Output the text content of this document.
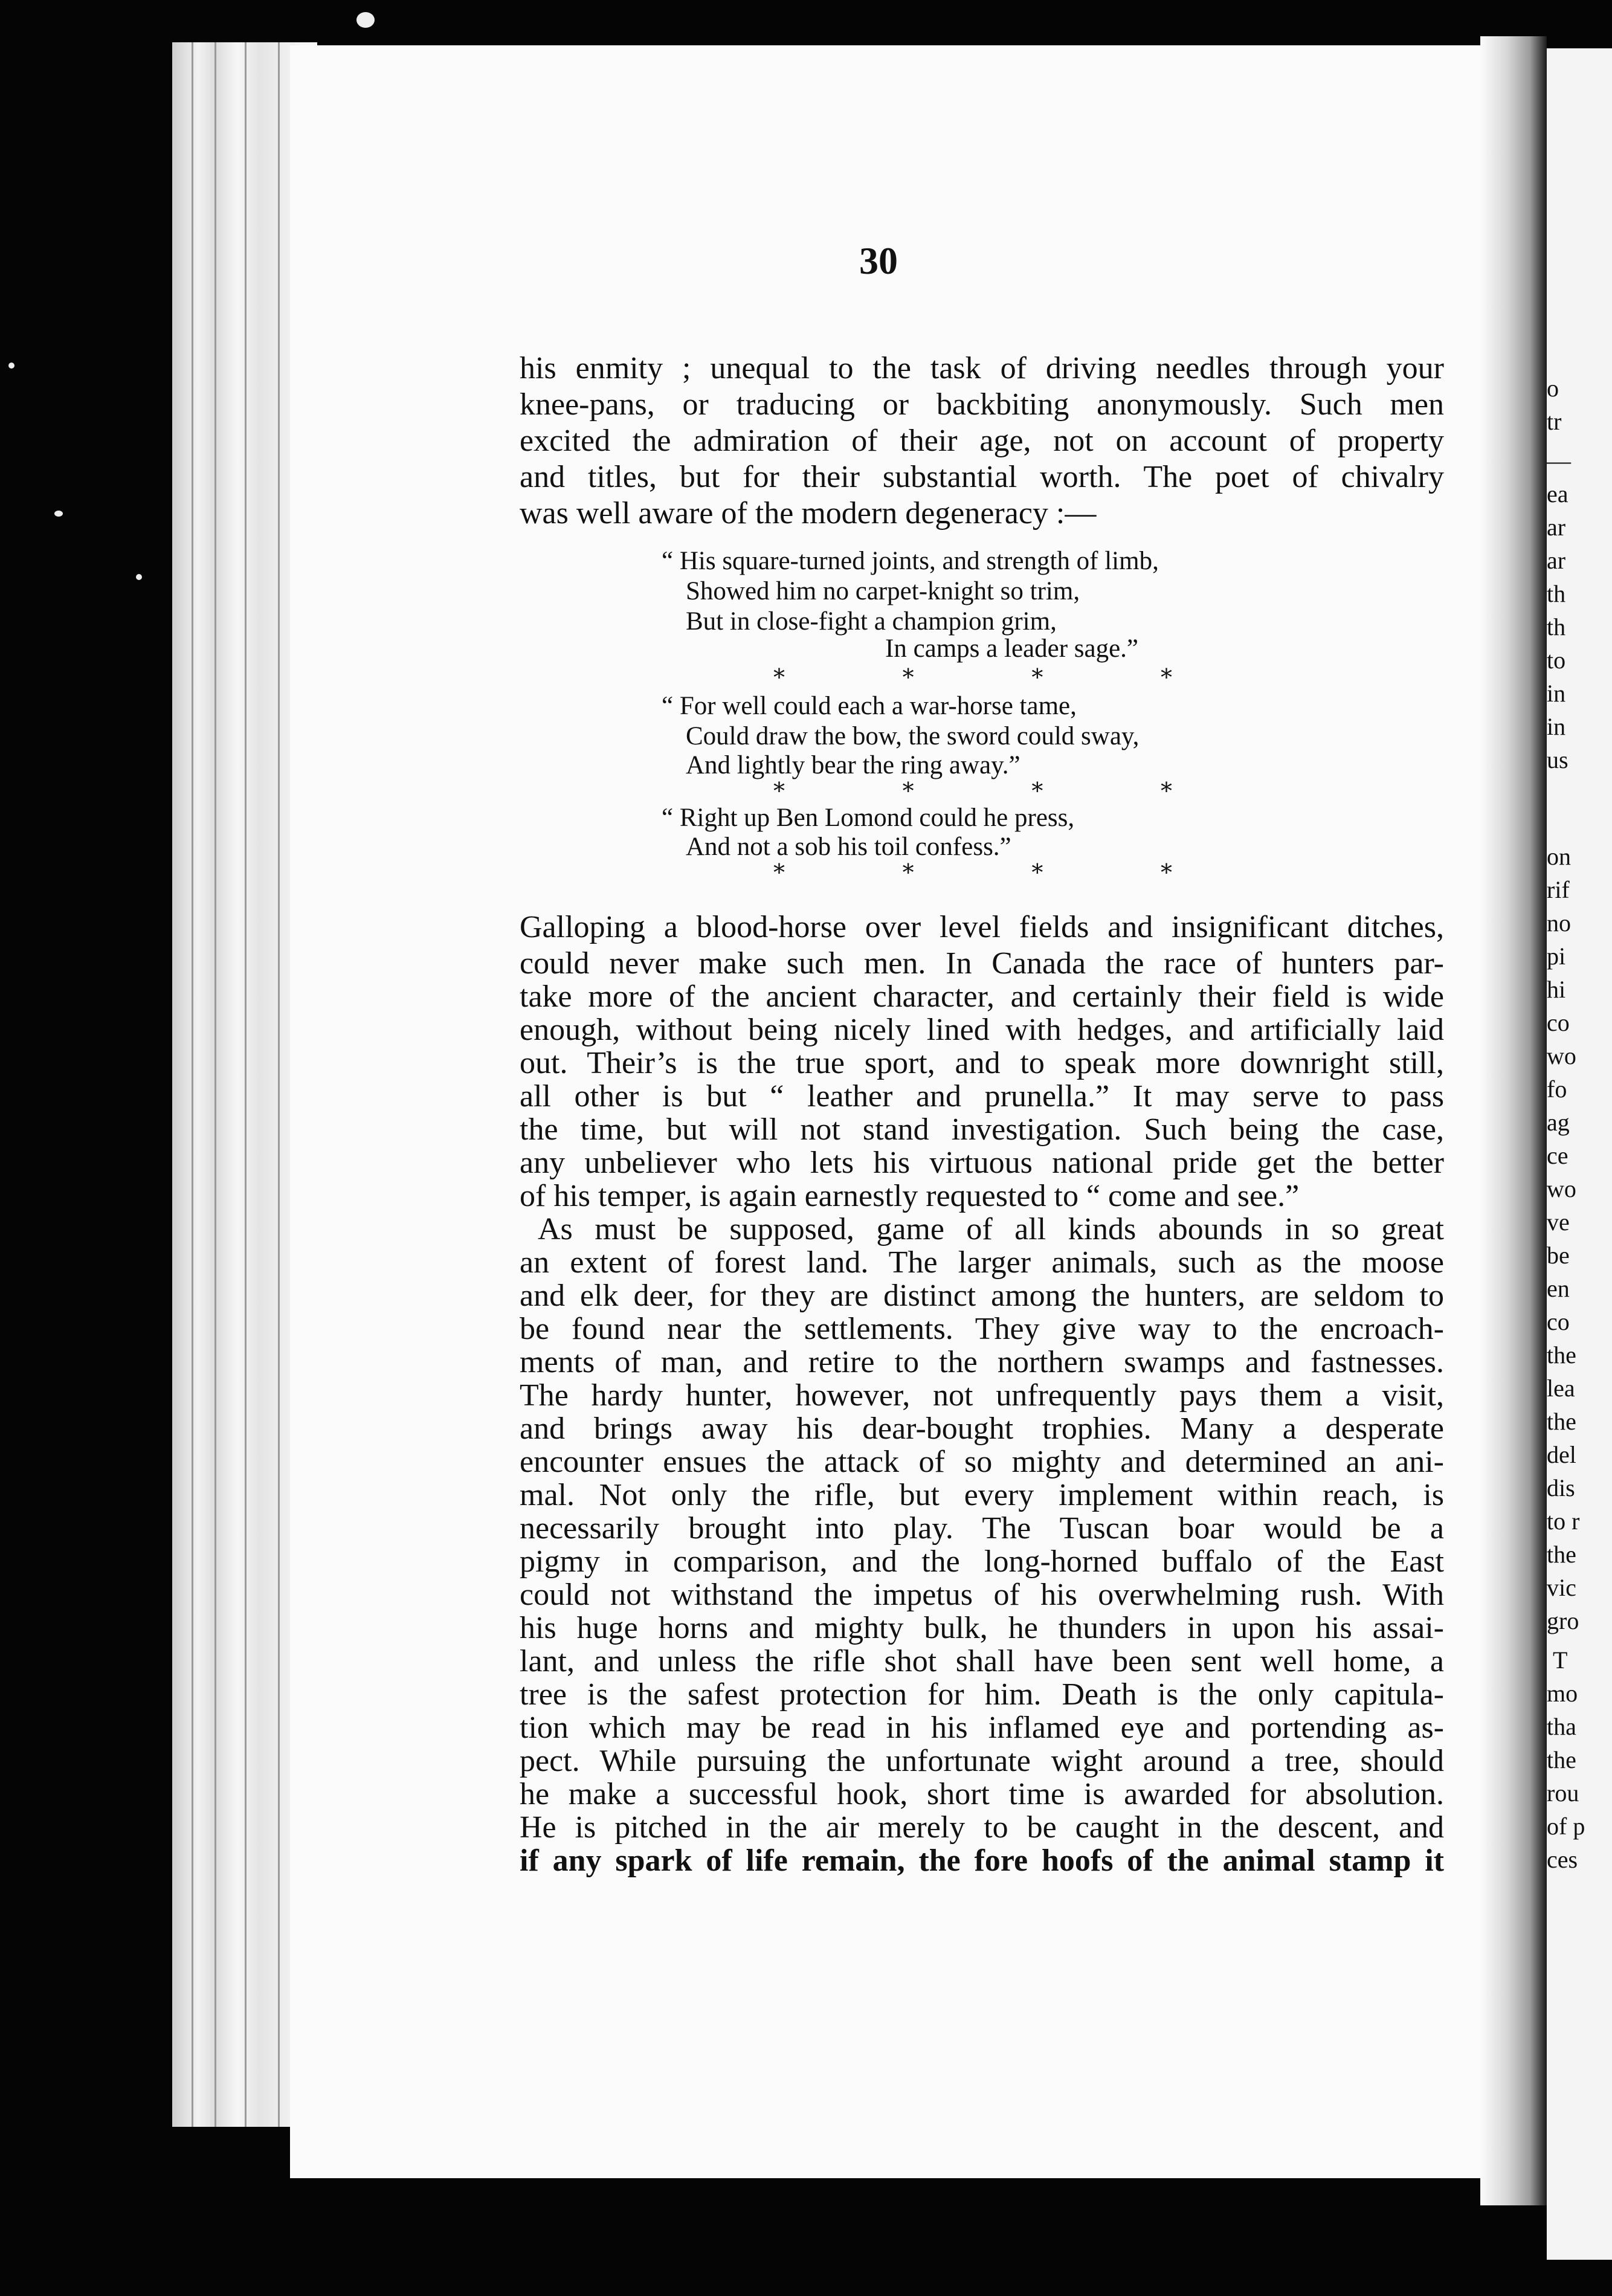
30
his enmity ; unequal to the task of driving needles through your
knee-pans, or traducing or backbiting anonymously. Such men
excited the admiration of their age, not on account of property
and titles, but for their substantial worth. The poet of chivalry
was well aware of the modern degeneracy :—
“ His square-turned joints, and strength of limb,
Showed him no carpet-knight so trim,
But in close-fight a champion grim,
In camps a leader sage.”
*	*	*	*
“ For well could each a war-horse tame,
Could draw the bow, the sword could sway,
And lightly bear the ring away.”
*	*	*	*
“ Right up Ben Lomond could he press,
And not a sob his toil confess.”
*	*	*	*
Galloping a blood-horse over level fields and insignificant ditches,
could never make such men. In Canada the race of hunters par-
take more of the ancient character, and certainly their field is wide
enough, without being nicely lined with hedges, and artificially laid
out. Their’s is the true sport, and to speak more downright still,
all other is but “ leather and prunella.” It may serve to pass
the time, but will not stand investigation. Such being the case,
any unbeliever who lets his virtuous national pride get the better
of his temper, is again earnestly requested to “ come and see.”
As must be supposed, game of all kinds abounds in so great
an extent of forest land. The larger animals, such as the moose
and elk deer, for they are distinct among the hunters, are seldom to
be found near the settlements. They give way to the encroach-
ments of man, and retire to the northern swamps and fastnesses.
The hardy hunter, however, not unfrequently pays them a visit,
and brings away his dear-bought trophies. Many a desperate
encounter ensues the attack of so mighty and determined an ani-
mal. Not only the rifle, but every implement within reach, is
necessarily brought into play. The Tuscan boar would be a
pigmy in comparison, and the long-horned buffalo of the East
could not withstand the impetus of his overwhelming rush. With
his huge horns and mighty bulk, he thunders in upon his assai-
lant, and unless the rifle shot shall have been sent well home, a
tree is the safest protection for him. Death is the only capitula-
tion which may be read in his inflamed eye and portending as-
pect. While pursuing the unfortunate wight around a tree, should
he make a successful hook, short time is awarded for absolution.
He is pitched in the air merely to be caught in the descent, and
if any spark of life remain, the fore hoofs of the animal stamp it
o
tr
—
ea
ar
ar
th
th
to
in
in
us
on
rif
no
pi
hi
co
wo
fo
ag
ce
wo
ve
be
en
co
the
lea
the
del
dis
to r
the
vic
gro
T
mo
tha
the
rou
of p
ces
